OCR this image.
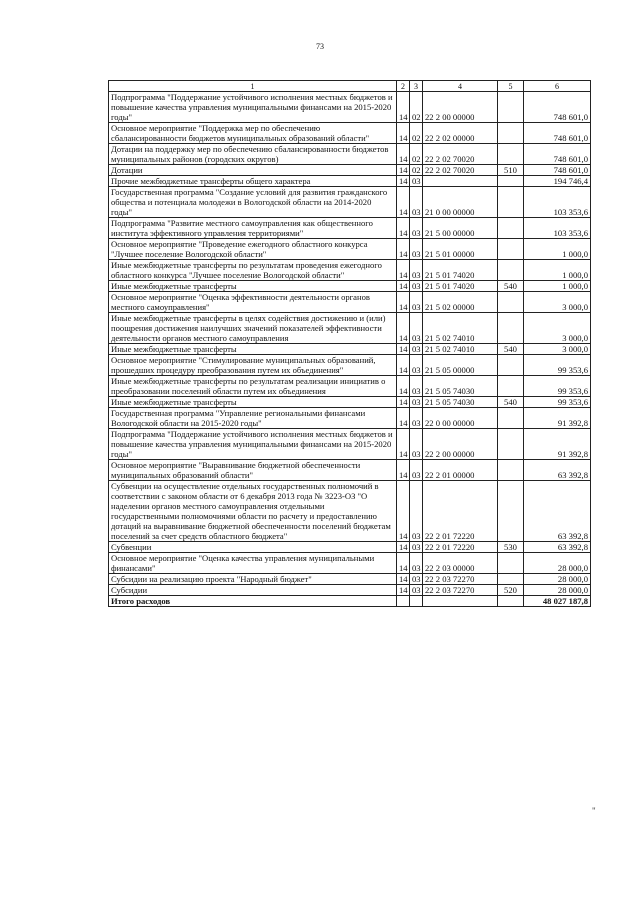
73
1	2	3	4	5	6
Подпрограмма "Поддержание устойчивого исполнения местных бюджетов и повышение качества управления муниципальными финансами на 2015-2020 годы"	14	02	22 2 00 00000		748 601,0
Основное мероприятие "Поддержка мер по обеспечению сбалансированности бюджетов муниципальных образований области"	14	02	22 2 02 00000		748 601,0
Дотации на поддержку мер по обеспечению сбалансированности бюджетов муниципальных районов (городских округов)	14	02	22 2 02 70020		748 601,0
Дотации	14	02	22 2 02 70020	510	748 601,0
Прочие межбюджетные трансферты общего характера	14	03			194 746,4
Государственная программа "Создание условий для развития гражданского общества и потенциала молодежи в Вологодской области на 2014-2020 годы"	14	03	21 0 00 00000		103 353,6
Подпрограмма "Развитие местного самоуправления как общественного института эффективного управления территориями"	14	03	21 5 00 00000		103 353,6
Основное мероприятие "Проведение ежегодного областного конкурса "Лучшее поселение Вологодской области"	14	03	21 5 01 00000		1 000,0
Иные межбюджетные трансферты по результатам проведения ежегодного областного конкурса "Лучшее поселение Вологодской области"	14	03	21 5 01 74020		1 000,0
Иные межбюджетные трансферты	14	03	21 5 01 74020	540	1 000,0
Основное мероприятие "Оценка эффективности деятельности органов местного самоуправления"	14	03	21 5 02 00000		3 000,0
Иные межбюджетные трансферты в целях содействия достижению и (или) поощрения достижения наилучших значений показателей эффективности деятельности органов местного самоуправления	14	03	21 5 02 74010		3 000,0
Иные межбюджетные трансферты	14	03	21 5 02 74010	540	3 000,0
Основное мероприятие "Стимулирование муниципальных образований, прошедших процедуру преобразования путем их объединения"	14	03	21 5 05 00000		99 353,6
Иные межбюджетные трансферты по результатам реализации инициатив о преобразовании поселений области путем их объединения	14	03	21 5 05 74030		99 353,6
Иные межбюджетные трансферты	14	03	21 5 05 74030	540	99 353,6
Государственная программа "Управление региональными финансами Вологодской области на 2015-2020 годы"	14	03	22 0 00 00000		91 392,8
Подпрограмма "Поддержание устойчивого исполнения местных бюджетов и повышение качества управления муниципальными финансами на 2015-2020 годы"	14	03	22 2 00 00000		91 392,8
Основное мероприятие "Выравнивание бюджетной обеспеченности муниципальных образований области"	14	03	22 2 01 00000		63 392,8
Субвенции на осуществление отдельных государственных полномочий в соответствии с законом области от 6 декабря 2013 года № 3223-ОЗ "О наделении органов местного самоуправления отдельными государственными полномочиями области по расчету и предоставлению дотаций на выравнивание бюджетной обеспеченности поселений бюджетам поселений за счет средств областного бюджета"	14	03	22 2 01 72220		63 392,8
Субвенции	14	03	22 2 01 72220	530	63 392,8
Основное мероприятие "Оценка качества управления муниципальными финансами"	14	03	22 2 03 00000		28 000,0
Субсидии на реализацию проекта "Народный бюджет"	14	03	22 2 03 72270		28 000,0
Субсидии	14	03	22 2 03 72270	520	28 000,0
Итого расходов					48 027 187,8
"
